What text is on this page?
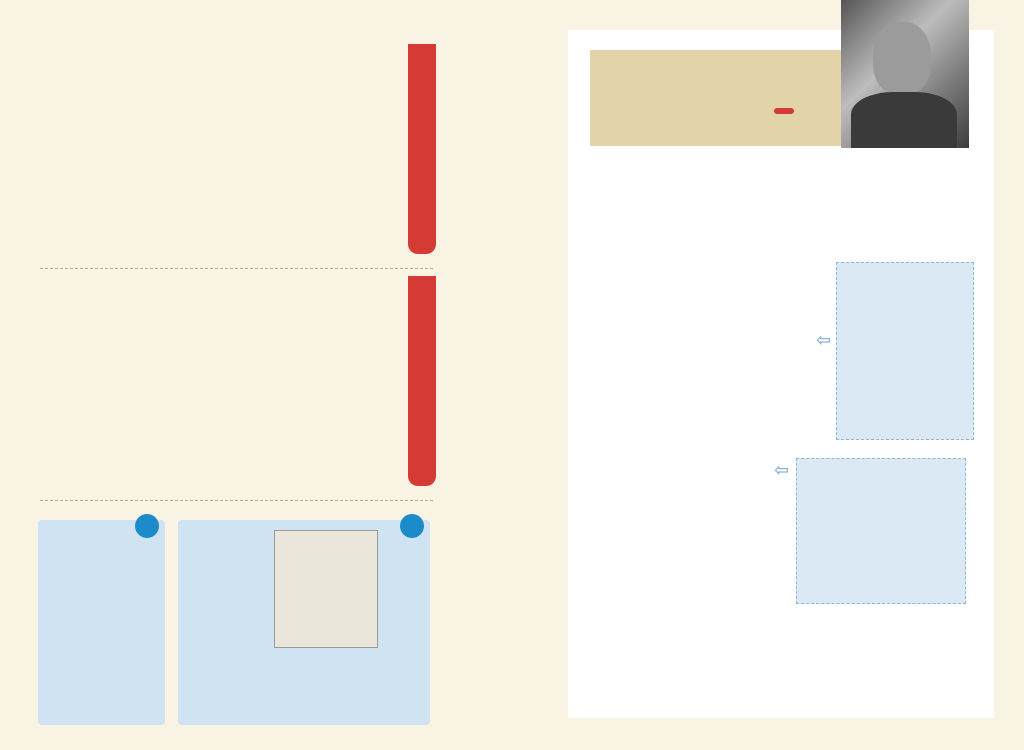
⇦
⇦
